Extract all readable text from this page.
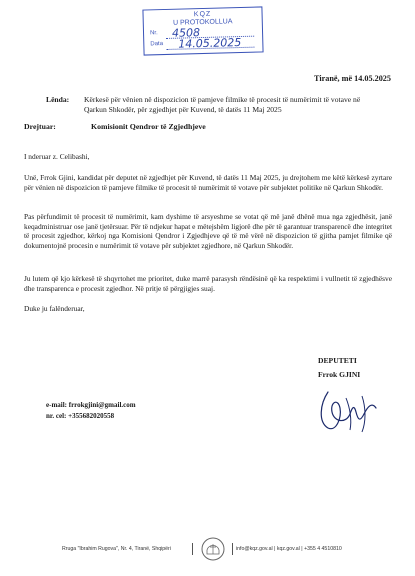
KQZ
U PROTOKOLLUA
Nr. 4508
Data 14.05.2025
Tiranë, më 14.05.2025
Lënda: Kërkesë për vënien në dispozicion të pamjeve filmike të procesit të numërimit të votave në Qarkun Shkodër, për zgjedhjet për Kuvend, të datës 11 Maj 2025
Drejtuar:	Komisionit Qendror të Zgjedhjeve
I nderuar z. Celibashi,
Unë, Frrok Gjini, kandidat për deputet në zgjedhjet për Kuvend, të datës 11 Maj 2025, ju drejtohem me këtë kërkesë zyrtare për vënien në dispozicion të pamjeve filmike të procesit të numërimit të votave për subjektet politike në Qarkun Shkodër.
Pas përfundimit të procesit të numërimit, kam dyshime të arsyeshme se votat që më janë dhënë mua nga zgjedhësit, janë keqadministruar ose janë tjetërsuar. Për të ndjekur hapat e mëtejshëm ligjorë dhe për të garantuar transparencë dhe integritet të procesit zgjedhor, kërkoj nga Komisioni Qendror i Zgjedhjeve që të më vërë në dispozicion të gjitha pamjet filmike që dokumentojnë procesin e numërimit të votave për subjektet zgjedhore, në Qarkun Shkodër.
Ju lutem që kjo kërkesë të shqyrtohet me prioritet, duke marrë parasysh rëndësinë që ka respektimi i vullnetit të zgjedhësve dhe transparenca e procesit zgjedhor. Në pritje të përgjigjes suaj.
Duke ju falënderuar,
DEPUTETI
Frrok GJINI
e-mail: frrokgjini@gmail.com
nr. cel: +355682020558
Rruga "Ibrahim Rugova", Nr. 4, Tiranë, Shqipëri	info@kqz.gov.al | kqz.gov.al | +355 4 4510810
